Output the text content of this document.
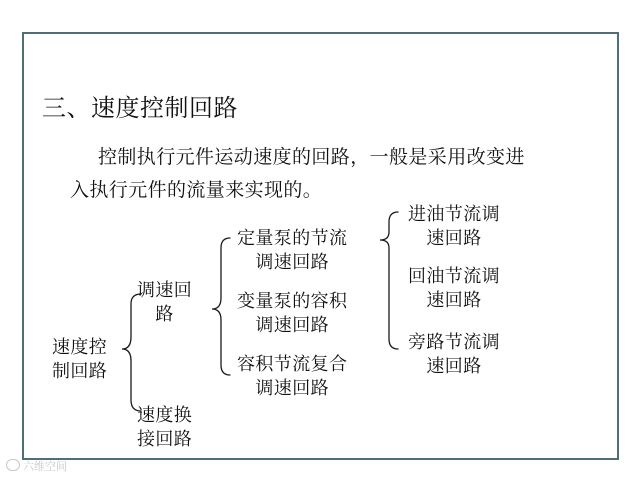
三、速度控制回路
控制执行元件运动速度的回路，一般是采用改变进
入执行元件的流量来实现的。
速度控
制回路
调速回
路
速度换
接回路
定量泵的节流
调速回路
变量泵的容积
调速回路
容积节流复合
调速回路
进油节流调
速回路
回油节流调
速回路
旁路节流调
速回路
六维空间
